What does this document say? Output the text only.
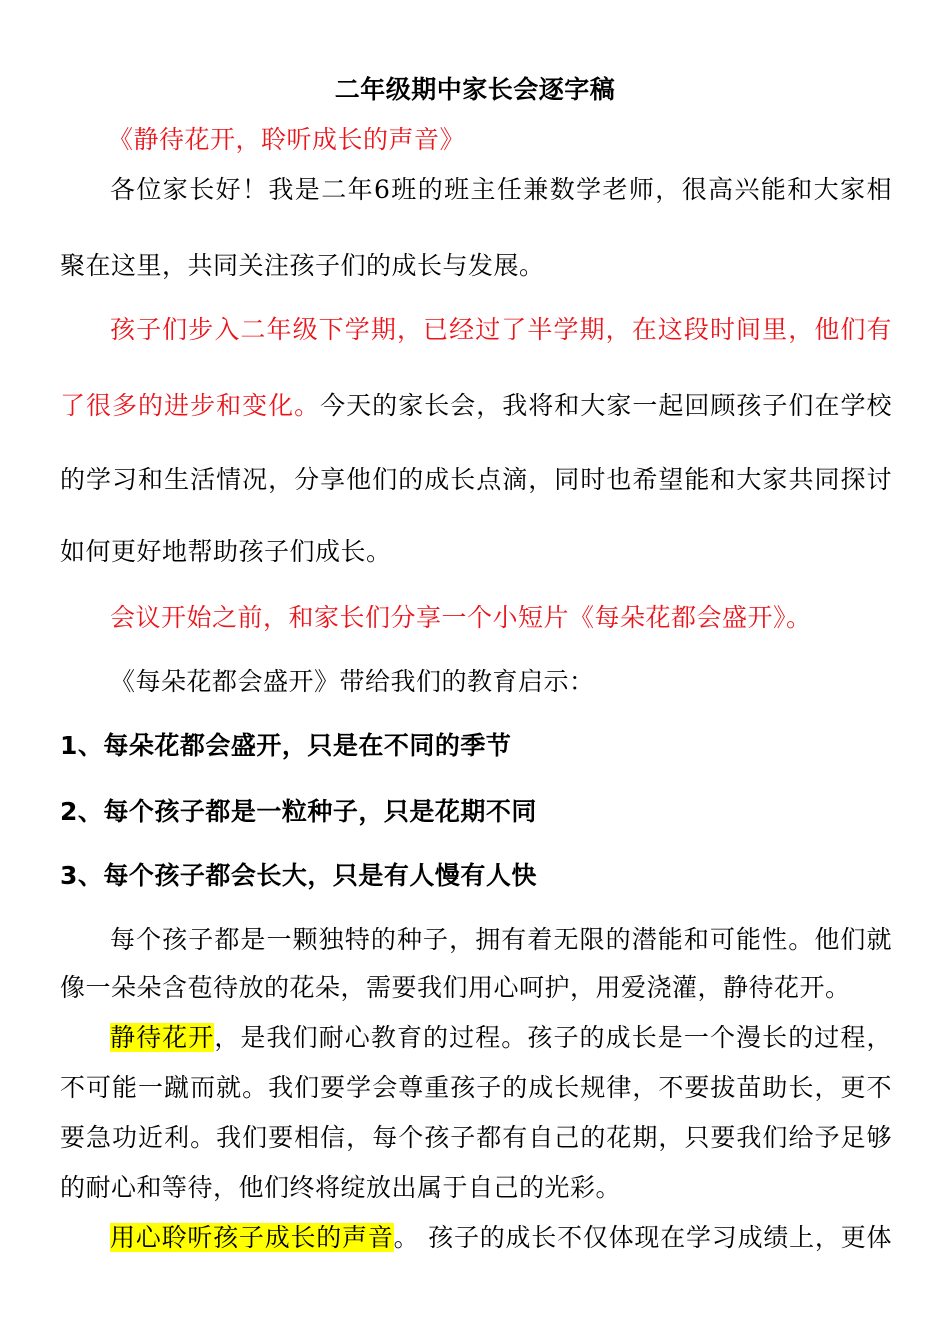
二年级期中家长会逐字稿
《静待花开，聆听成长的声音》
各位家长好！我是二年6班的班主任兼数学老师，很高兴能和大家相
聚在这里，共同关注孩子们的成长与发展。
孩子们步入二年级下学期，已经过了半学期，在这段时间里，他们有
了很多的进步和变化。今天的家长会，我将和大家一起回顾孩子们在学校
的学习和生活情况，分享他们的成长点滴，同时也希望能和大家共同探讨
如何更好地帮助孩子们成长。
会议开始之前，和家长们分享一个小短片《每朵花都会盛开》。
《每朵花都会盛开》带给我们的教育启示：
1、每朵花都会盛开，只是在不同的季节
2、每个孩子都是一粒种子，只是花期不同
3、每个孩子都会长大，只是有人慢有人快
每个孩子都是一颗独特的种子，拥有着无限的潜能和可能性。他们就
像一朵朵含苞待放的花朵，需要我们用心呵护，用爱浇灌，静待花开。
静待花开，是我们耐心教育的过程。孩子的成长是一个漫长的过程，
不可能一蹴而就。我们要学会尊重孩子的成长规律，不要拔苗助长，更不
要急功近利。我们要相信，每个孩子都有自己的花期，只要我们给予足够
的耐心和等待，他们终将绽放出属于自己的光彩。
用心聆听孩子成长的声音。 孩子的成长不仅体现在学习成绩上，更体
